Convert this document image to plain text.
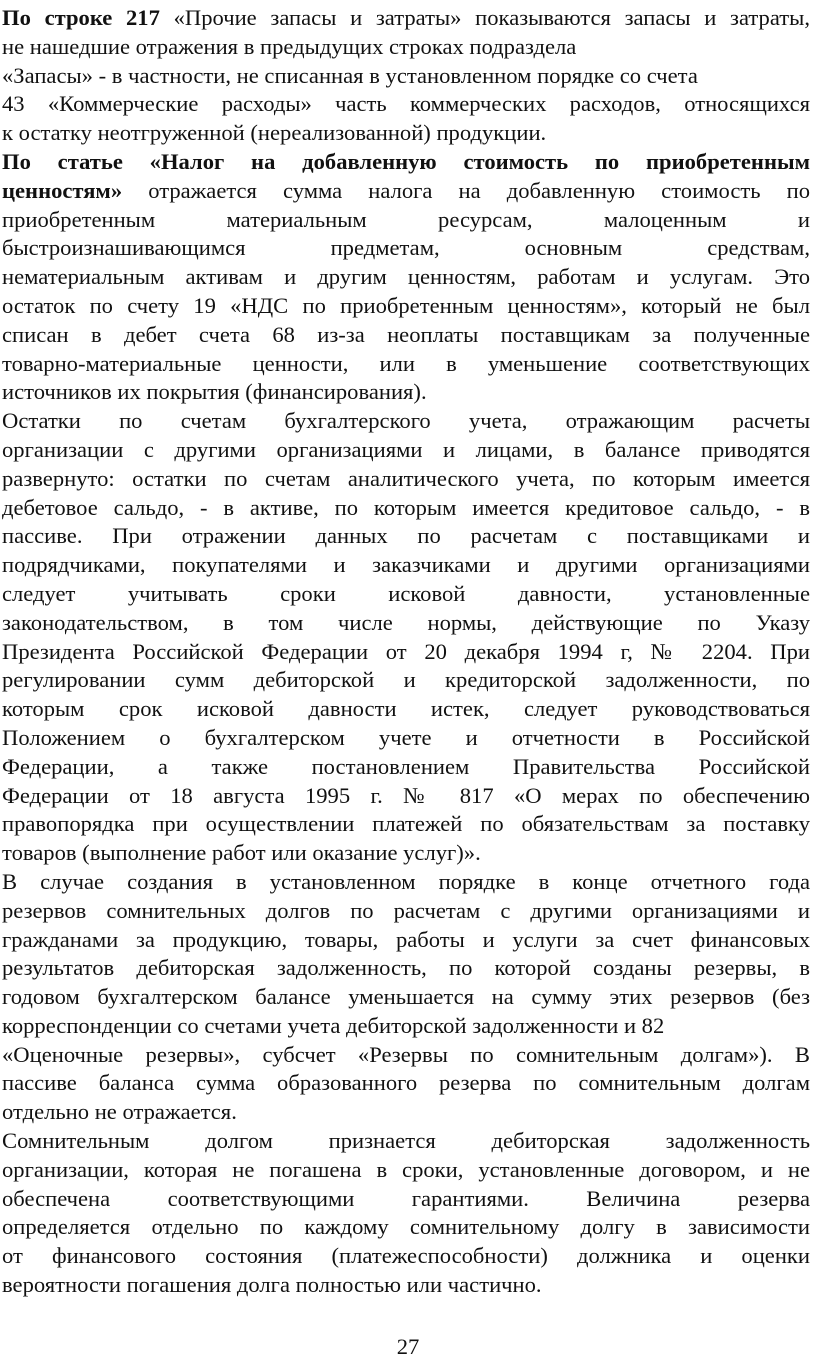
По строке 217 «Прочие запасы и затраты» показываются запасы и затраты,
не нашедшие отражения в предыдущих строках подраздела
«Запасы» - в частности, не списанная в установленном порядке со счета
43 «Коммерческие расходы» часть коммерческих расходов, относящихся
к остатку неотгруженной (нереализованной) продукции.

По статье «Налог на добавленную стоимость по приобретенным
ценностям» отражается сумма налога на добавленную стоимость по
приобретенным материальным ресурсам, малоценным и
быстроизнашивающимся предметам, основным средствам,
нематериальным активам и другим ценностям, работам и услугам. Это
остаток по счету 19 «НДС по приобретенным ценностям», который не был
списан в дебет счета 68 из-за неоплаты поставщикам за полученные
товарно-материальные ценности, или в уменьшение соответствующих
источников их покрытия (финансирования).

Остатки по счетам бухгалтерского учета, отражающим расчеты
организации с другими организациями и лицами, в балансе приводятся
развернуто: остатки по счетам аналитического учета, по которым имеется
дебетовое сальдо, - в активе, по которым имеется кредитовое сальдо, - в
пассиве. При отражении данных по расчетам с поставщиками и
подрядчиками, покупателями и заказчиками и другими организациями
следует учитывать сроки исковой давности, установленные
законодательством, в том числе нормы, действующие по Указу
Президента Российской Федерации от 20 декабря 1994 г, № 2204. При
регулировании сумм дебиторской и кредиторской задолженности, по
которым срок исковой давности истек, следует руководствоваться
Положением о бухгалтерском учете и отчетности в Российской
Федерации, а также постановлением Правительства Российской
Федерации от 18 августа 1995 г. № 817 «О мерах по обеспечению
правопорядка при осуществлении платежей по обязательствам за поставку
товаров (выполнение работ или оказание услуг)».

В случае создания в установленном порядке в конце отчетного года
резервов сомнительных долгов по расчетам с другими организациями и
гражданами за продукцию, товары, работы и услуги за счет финансовых
результатов дебиторская задолженность, по которой созданы резервы, в
годовом бухгалтерском балансе уменьшается на сумму этих резервов (без
корреспонденции со счетами учета дебиторской задолженности и 82
«Оценочные резервы», субсчет «Резервы по сомнительным долгам»). В
пассиве баланса сумма образованного резерва по сомнительным долгам
отдельно не отражается.

Сомнительным долгом признается дебиторская задолженность
организации, которая не погашена в сроки, установленные договором, и не
обеспечена соответствующими гарантиями. Величина резерва
определяется отдельно по каждому сомнительному долгу в зависимости
от финансового состояния (платежеспособности) должника и оценки
вероятности погашения долга полностью или частично.

27
